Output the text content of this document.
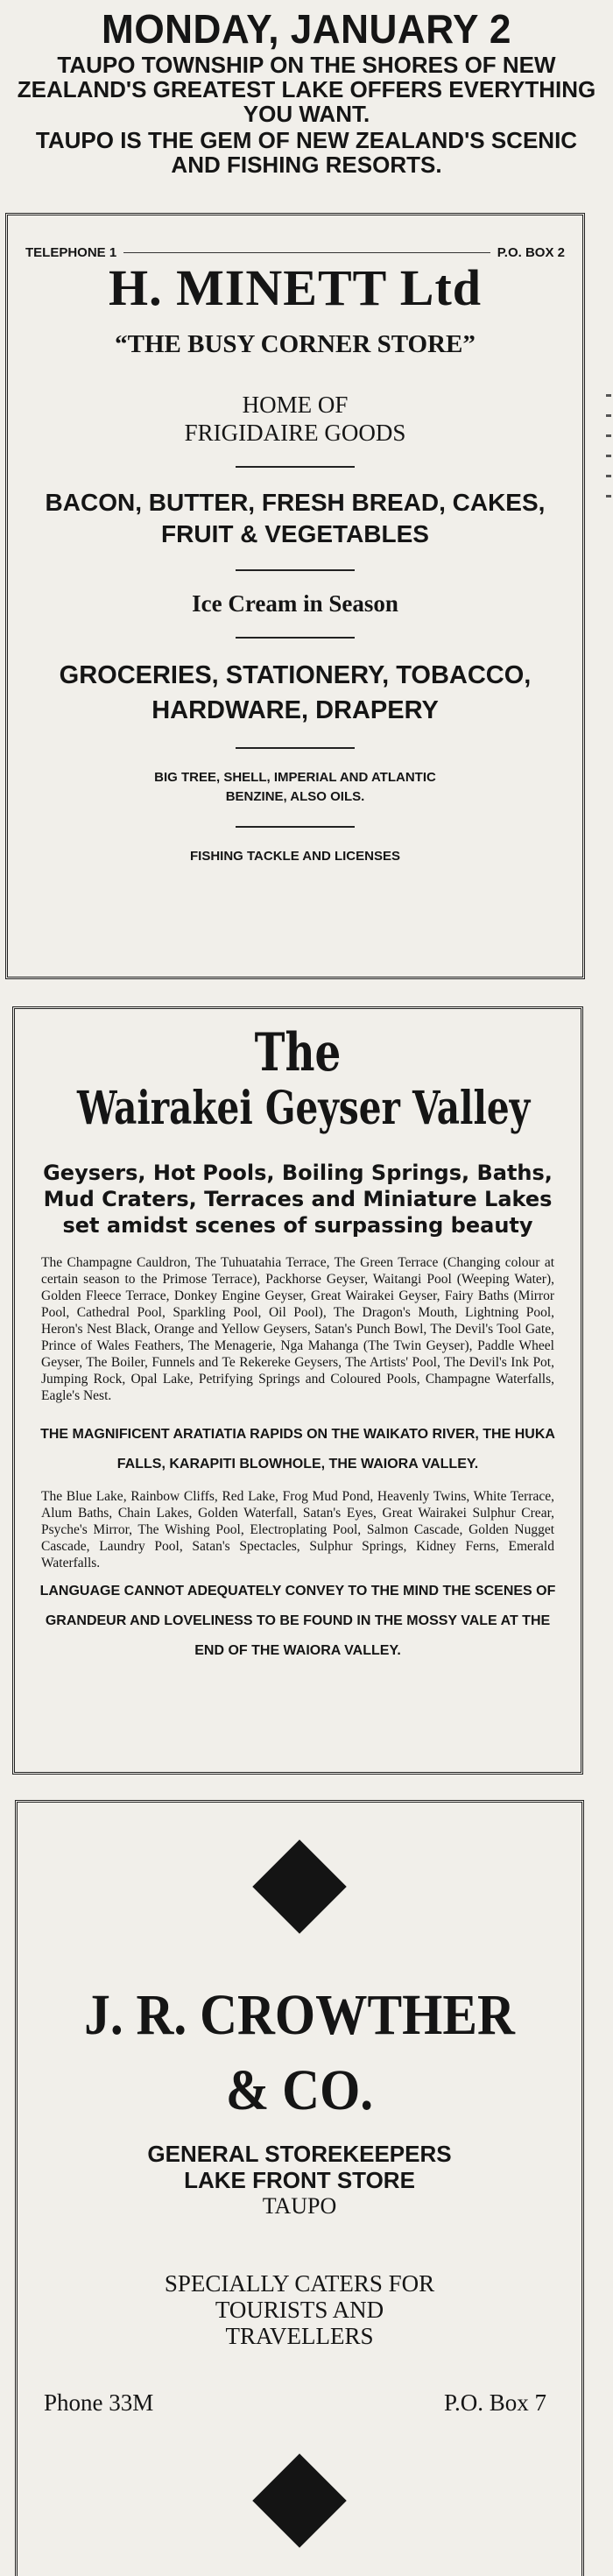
MONDAY, JANUARY 2
TAUPO TOWNSHIP ON THE SHORES OF NEW ZEALAND'S GREATEST LAKE OFFERS EVERYTHING YOU WANT.
TAUPO IS THE GEM OF NEW ZEALAND'S SCENIC AND FISHING RESORTS.
TELEPHONE 1	P.O. BOX 2
H. MINETT Ltd
“THE BUSY CORNER STORE”
HOME OF
FRIGIDAIRE GOODS
BACON, BUTTER, FRESH BREAD, CAKES, FRUIT & VEGETABLES
Ice Cream in Season
GROCERIES, STATIONERY, TOBACCO, HARDWARE, DRAPERY
BIG TREE, SHELL, IMPERIAL AND ATLANTIC
BENZINE, ALSO OILS.
FISHING TACKLE AND LICENSES
The
Wairakei Geyser Valley
Geysers, Hot Pools, Boiling Springs, Baths, Mud Craters, Terraces and Miniature Lakes set amidst scenes of surpassing beauty
The Champagne Cauldron, The Tuhuatahia Terrace, The Green Terrace (Changing colour at certain season to the Primose Terrace), Packhorse Geyser, Waitangi Pool (Weeping Water), Golden Fleece Terrace, Donkey Engine Geyser, Great Wairakei Geyser, Fairy Baths (Mirror Pool, Cathedral Pool, Sparkling Pool, Oil Pool), The Dragon's Mouth, Lightning Pool, Heron's Nest Black, Orange and Yellow Geysers, Satan's Punch Bowl, The Devil's Tool Gate, Prince of Wales Feathers, The Menagerie, Nga Mahanga (The Twin Geyser), Paddle Wheel Geyser, The Boiler, Funnels and Te Rekereke Geysers, The Artists' Pool, The Devil's Ink Pot, Jumping Rock, Opal Lake, Petrifying Springs and Coloured Pools, Champagne Waterfalls, Eagle's Nest.
THE MAGNIFICENT ARATIATIA RAPIDS ON THE WAIKATO RIVER, THE HUKA FALLS, KARAPITI BLOWHOLE, THE WAIORA VALLEY.
The Blue Lake, Rainbow Cliffs, Red Lake, Frog Mud Pond, Heavenly Twins, White Terrace, Alum Baths, Chain Lakes, Golden Waterfall, Satan's Eyes, Great Wairakei Sulphur Crear, Psyche's Mirror, The Wishing Pool, Electroplating Pool, Salmon Cascade, Golden Nugget Cascade, Laundry Pool, Satan's Spectacles, Sulphur Springs, Kidney Ferns, Emerald Waterfalls.
LANGUAGE CANNOT ADEQUATELY CONVEY TO THE MIND THE SCENES OF GRANDEUR AND LOVELINESS TO BE FOUND IN THE MOSSY VALE AT THE END OF THE WAIORA VALLEY.
J. R. CROWTHER
& CO.
GENERAL STOREKEEPERS
LAKE FRONT STORE
TAUPO
SPECIALLY CATERS FOR
TOURISTS AND
TRAVELLERS
Phone 33M	P.O. Box 7
